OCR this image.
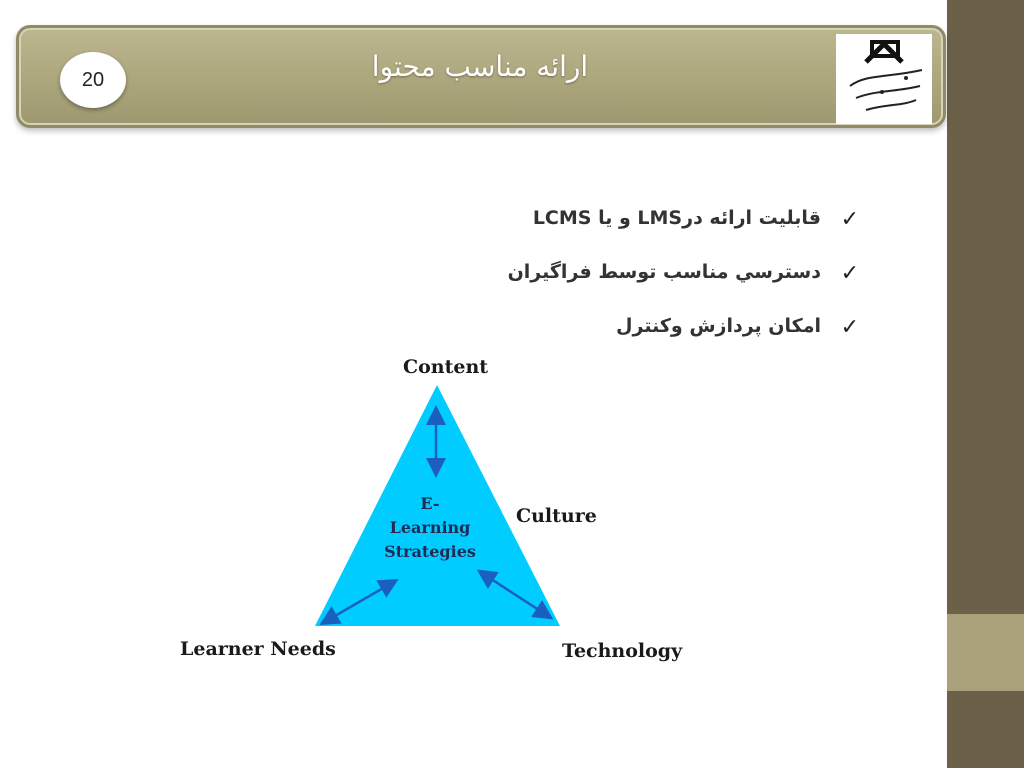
20	ارائه مناسب محتوا
✓
قابليت ارائه درLMS و يا LCMS
✓
دسترسي مناسب توسط فراگيران
✓
امکان پردازش وکنترل
Content
Culture
Learner Needs	Technology
E-
Learning
Strategies
